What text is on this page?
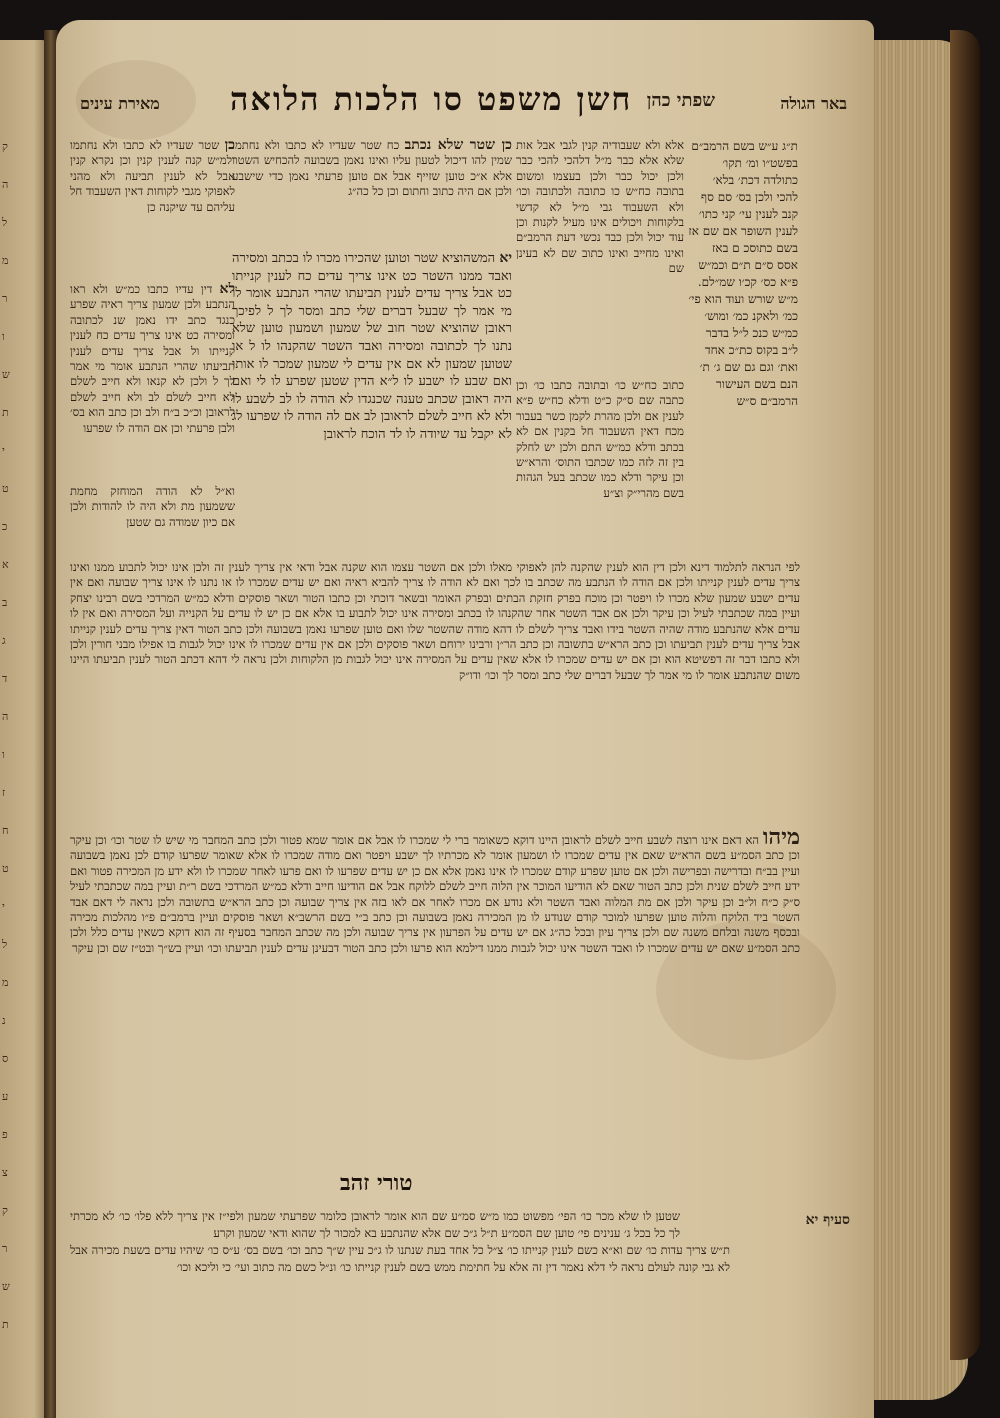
ק
ה
ל
מ
ר
ו
ש
ת
י
ט
כ
א
ב
ג
ד
ה
ו
ז
ח
ט
י
ל
מ
נ
ס
ע
פ
צ
ק
ר
ש
ת
באר הגולה
שפתי כהן
חשן משפט סו הלכות הלואה
מאירת עינים
ת״ג ע״ש בשם הרמב״ם בפשט״ו ומ׳ תקו׳ כתולדה דכת׳ בלא׳ להכי ולכן בס׳ סם סף קנב לענין עי׳ קני כתו׳ לענין השופר אם שם אז בשם כתוסכ ם באז אסס ס״ם ת״ם וכמ״ש פ״א כס׳ קכ׳ו שמ״לם. מ״ש שורש ועוד הוא פי׳ כמ׳ ולאקנ כמ׳ ומוש׳ כמ״ש כנכ ל״ל בדבר ל״ב בקוס כת״כ אחד ואת׳ וגם גם שם ג׳ ת׳ הנם בשם העישור הרמב״ם ס״ש
אלא ולא שעבודיה קנין לגבי אבל אות שלא אלא כבר מ״ל דלהכי להכי כבר ולכן יכול כבר ולכן בעצמו ומשום בתובה כח״ש כו כתובה ולכתובה וכו׳ ולא השעבוד גבי מ״ל לא קדשי בלקוחות ויכולים אינו מעיל לקנות וכן עוד יכול ולכן כבד נכשי דעת הרמב״ם ואינו מחייב ואינו כתוב שם לא בעינן שם
כתוב כח״ש כו׳ ובתובה כתבו כו׳ וכן כתבה שם ס״ק כ״ט ודלא כח״ש פ״א לענין אם ולכן מהרת לקמן כשר בעבור מכח דאין השעבוד חל בקנין אם לא בכתב ודלא כמ״ש התם ולכן יש לחלק בין זה לזה כמו שכתבו התוס׳ והרא״ש וכן עיקר ודלא כמו שכתב בעל הגהות בשם מהרי״ק וצ״ע
כן שטר שלא נכתב כח שטר שעדיו לא כתבו ולא נחתמו שמין להו דיכול לטעון עליו ואינו נאמן בשבועה להכחיש השטר אלא א״כ טוען שזייף אבל אם טוען פרעתי נאמן כדי שישבע ולכן אם היה כתוב וחתום וכן כל כה״ג
יא המשהוציא שטר וטוען שהכירו מכרו לו בכתב ומסירה ואבד ממנו השטר כט אינו צריך עדים כח לענין קנייתו כט אבל צריך עדים לענין תביעתו שהרי הנתבע אומר לו מי אמר לך שבעל דברים שלי כתב ומסר לך ל לפיכך ראובן שהוציא שטר חוב של שמעון ושמעון טוען שלא נתנו לך לכתובה ומסירה ואבד השטר שהקנהו לו ל או שטוען שמעון לא אם אין עדים לי שמעון שמכר לו אותו ואם שבע לו ישבע לו ל״א הדין שטען שפרע לו לי ואם היה ראובן שכתב טענה שכנגדו לא הודה לו לב לשבע לו ולא לא חייב לשלם לראובן לב אם לה הודה לו שפרעו לג לא יקבל עד שיודה לו לד הוכח לראובן
כן שטר שעדיו לא כתבו ולא נחתמו ולמ״ש קנה לענין קנין וכן נקרא קנין אבל לא לענין תביעה ולא מהני לאפוקי מגבי לקוחות דאין השעבוד חל עליהם עד שיקנה כן
לא דין עדיו כתבו כמ״ש ולא ראו הנתבע ולכן שמעון צריך ראיה שפרע כנגד כתב ידו נאמן שנ לכתובה ומסירה כט אינו צריך עדים כח לענין קנייתו ול אבל צריך עדים לענין תביעתו שהרי הנתבע אומר מי אמר לך ל ולכן לא קנאו ולא חייב לשלם לא חייב לשלם לב ולא חייב לשלם לראובן וכ״כ ב״ח ולב וכן כתב הוא בס׳ ולבן פרעתי וכן אם הודה לו שפרעו
וא״ל לא הודה המוחזק מחמת ששמעון מת ולא היה לו להודות ולכן אם כיון שמודה גם שטען
לפי הנראה לתלמוד דינא ולכן דין הוא לענין שהקנה להן לאפוקי מאלו ולכן אם השטר עצמו הוא שקנה אבל ודאי אין צריך לענין זה ולכן אינו יכול לתבוע ממנו ואינו צריך עדים לענין קנייתו ולכן אם הודה לו הנתבע מה שכתב בו לכך ואם לא הודה לו צריך להביא ראיה ואם יש עדים שמכרו לו או נתנו לו אינו צריך שבועה ואם אין עדים ישבע שמעון שלא מכרו לו ויפטר וכן מוכח בפרק חזקת הבתים ובפרק האומר ובשאר דוכתי וכן כתבו הטור ושאר פוסקים ודלא כמ״ש המרדכי בשם רבינו יצחק ועיין במה שכתבתי לעיל וכן עיקר ולכן אם אבד השטר אחר שהקנהו לו בכתב ומסירה אינו יכול לתבוע בו אלא אם כן יש לו עדים על הקנייה ועל המסירה ואם אין לו עדים אלא שהנתבע מודה שהיה השטר בידו ואבד צריך לשלם לו דהא מודה שהשטר שלו ואם טוען שפרעו נאמן בשבועה ולכן כתב הטור דאין צריך עדים לענין קנייתו אבל צריך עדים לענין תביעתו וכן כתב הרא״ש בתשובה וכן כתב הר״ן ורבינו ירוחם ושאר פוסקים ולכן אם אין עדים שמכרו לו אינו יכול לגבות בו אפילו מבני חורין ולכן ולא כתבו דבר זה דפשיטא הוא וכן אם יש עדים שמכרו לו אלא שאין עדים על המסירה אינו יכול לגבות מן הלקוחות ולכן נראה לי דהא דכתב הטור לענין תביעתו היינו משום שהנתבע אומר לו מי אמר לך שבעל דברים שלי כתב ומסר לך וכו׳ ודו״ק
מיהו הא דאם אינו רוצה לשבע חייב לשלם לראובן היינו דוקא כשאומר ברי לי שמכרו לו אבל אם אומר שמא פטור ולכן כתב המחבר מי שיש לו שטר וכו׳ וכן עיקר וכן כתב הסמ״ע בשם הרא״ש שאם אין עדים שמכרו לו ושמעון אומר לא מכרתיו לך ישבע ויפטר ואם מודה שמכרו לו אלא שאומר שפרעו קודם לכן נאמן בשבועה ועיין בב״ח ובדרישה ובפרישה ולכן אם טוען שפרע קודם שמכרו לו אינו נאמן אלא אם כן יש עדים שפרעו לו ואם פרעו לאחר שמכרו לו ולא ידע מן המכירה פטור ואם ידע חייב לשלם שנית ולכן כתב הטור שאם לא הודיעו המוכר אין הלוה חייב לשלם ללוקח אבל אם הודיעו חייב ודלא כמ״ש המרדכי בשם ר״ת ועיין במה שכתבתי לעיל ס״ק כ״ח ול״ב וכן עיקר ולכן אם מת המלוה ואבד השטר ולא נודע אם מכרו לאחר אם לאו בזה אין צריך שבועה וכן כתב הרא״ש בתשובה ולכן נראה לי דאם אבד השטר ביד הלוקח והלוה טוען שפרעו למוכר קודם שנודע לו מן המכירה נאמן בשבועה וכן כתב ב״י בשם הרשב״א ושאר פוסקים ועיין ברמב״ם פ״ו מהלכות מכירה ובכסף משנה ובלחם משנה שם ולכן צריך עיון ובכל כה״ג אם יש עדים על הפרעון אין צריך שבועה ולכן מה שכתב המחבר בסעיף זה הוא דוקא כשאין עדים כלל ולכן כתב הסמ״ע שאם יש עדים שמכרו לו ואבד השטר אינו יכול לגבות ממנו דילמא הוא פרעו ולכן כתב הטור דבעינן עדים לענין תביעתו וכו׳ ועיין בש״ך ובט״ז שם וכן עיקר
טורי זהב
סעיף יא
שטען לו שלא מכר כו׳ הפי׳ מפשוט כמו מ״ש סמ״ע שם הוא אומר לראובן כלומר שפרעתי שמעון ולפי״ז אין צריך ללא פלו׳ כו׳ לא מכרתי לך כל בכל ג׳ ענינים פי׳ טוען שם הסמ״ע ת״ל ג״כ שם אלא שהנתבע בא למכור לך שהוא ודאי שמעון וקרע
ת״ש צריך עדות כו׳ שם וא״א כשם לענין קנייתו כו׳ צ״ל כל אחד בעת שנתנו לו ג״כ עיין ש״ך כתב וכו׳ בשם בס׳ ע״ס כו׳ שיהיו עדים בשעת מכירה אבל לא גבי קונה לעולם נראה לי דלא נאמר דין זה אלא על חתימת ממש בשם לענין קנייתו כו׳ ונ״ל כשם מה כתוב ועי׳ כי וליכא וכו׳
